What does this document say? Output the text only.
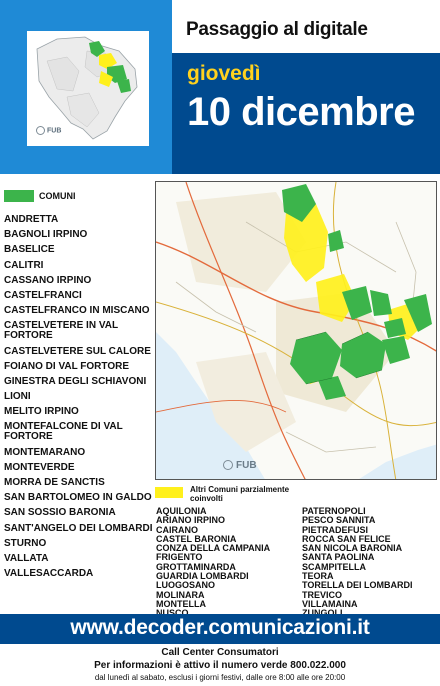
FUB
Passaggio al digitale
giovedì
10 dicembre
COMUNI
ANDRETTA
BAGNOLI IRPINO
BASELICE
CALITRI
CASSANO IRPINO
CASTELFRANCI
CASTELFRANCO IN MISCANO
CASTELVETERE IN VAL FORTORE
CASTELVETERE SUL CALORE
FOIANO DI VAL FORTORE
GINESTRA DEGLI SCHIAVONI
LIONI
MELITO IRPINO
MONTEFALCONE DI VAL FORTORE
MONTEMARANO
MONTEVERDE
MORRA DE SANCTIS
SAN BARTOLOMEO IN GALDO
SAN SOSSIO BARONIA
SANT'ANGELO DEI LOMBARDI
STURNO
VALLATA
VALLESACCARDA
FUB
Altri Comuni parzialmente coinvolti
AQUILONIA
ARIANO IRPINO
CAIRANO
CASTEL BARONIA
CONZA DELLA CAMPANIA
FRIGENTO
GROTTAMINARDA
GUARDIA LOMBARDI
LUOGOSANO
MOLINARA
MONTELLA
PATERNOPOLI
PESCO SANNITA
PIETRADEFUSI
ROCCA SAN FELICE
SAN NICOLA BARONIA
SANTA PAOLINA
SCAMPITELLA
TEORA
TORELLA DEI LOMBARDI
TREVICO
VILLAMAINA
www.decoder.comunicazioni.it
Call Center Consumatori
Per informazioni è attivo il numero verde 800.022.000
dal lunedì al sabato, esclusi i giorni festivi, dalle ore 8:00 alle ore 20:00
